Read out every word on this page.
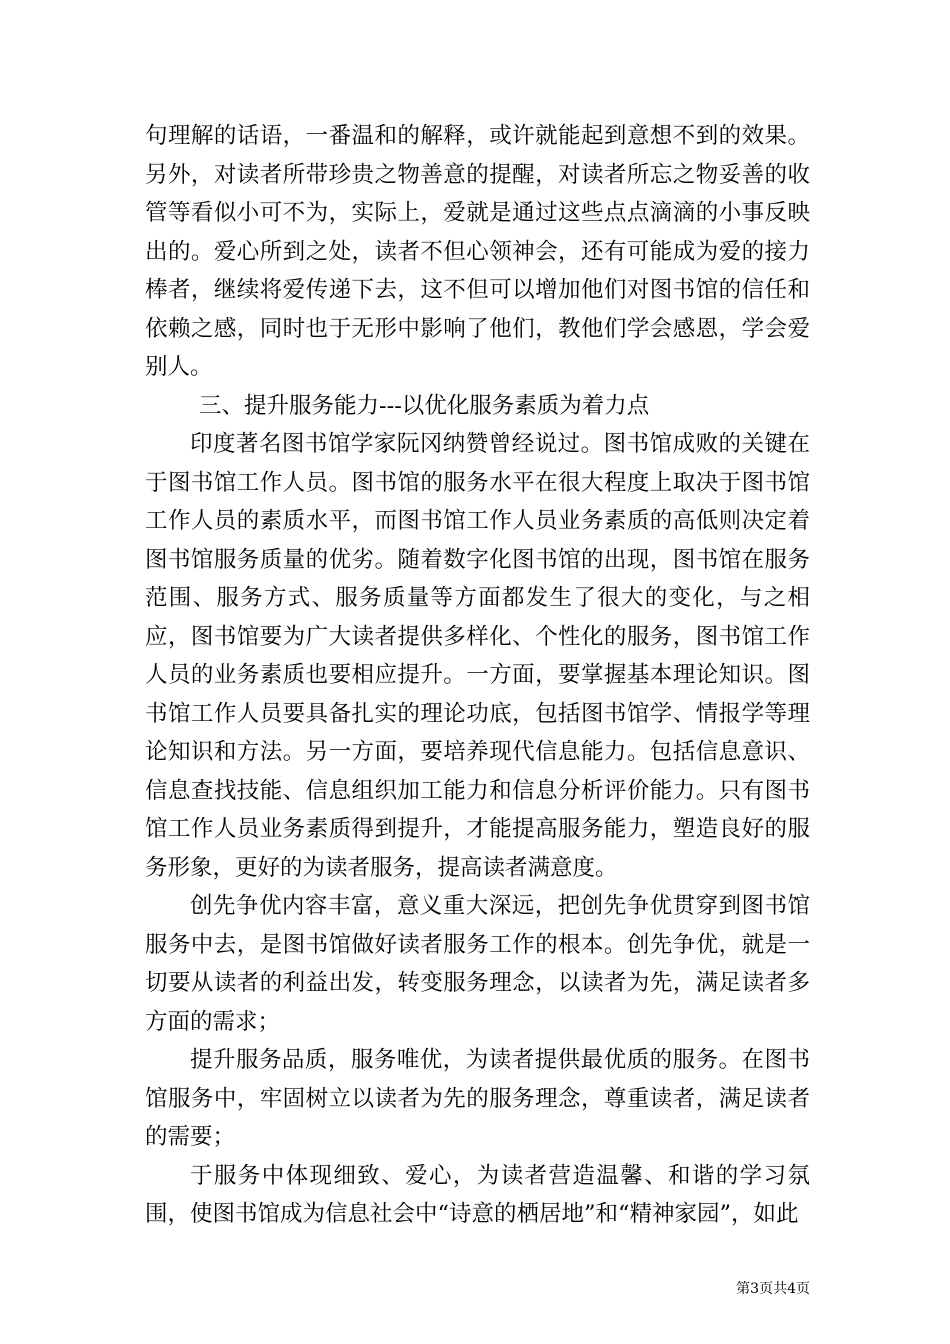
句理解的话语，一番温和的解释，或许就能起到意想不到的效果。另外，对读者所带珍贵之物善意的提醒，对读者所忘之物妥善的收管等看似小可不为，实际上，爱就是通过这些点点滴滴的小事反映出的。爱心所到之处，读者不但心领神会，还有可能成为爱的接力棒者，继续将爱传递下去，这不但可以增加他们对图书馆的信任和依赖之感，同时也于无形中影响了他们，教他们学会感恩，学会爱别人。

三、提升服务能力---以优化服务素质为着力点

印度著名图书馆学家阮冈纳赞曾经说过。图书馆成败的关键在于图书馆工作人员。图书馆的服务水平在很大程度上取决于图书馆工作人员的素质水平，而图书馆工作人员业务素质的高低则决定着图书馆服务质量的优劣。随着数字化图书馆的出现，图书馆在服务范围、服务方式、服务质量等方面都发生了很大的变化，与之相应，图书馆要为广大读者提供多样化、个性化的服务，图书馆工作人员的业务素质也要相应提升。一方面，要掌握基本理论知识。图书馆工作人员要具备扎实的理论功底，包括图书馆学、情报学等理论知识和方法。另一方面，要培养现代信息能力。包括信息意识、信息查找技能、信息组织加工能力和信息分析评价能力。只有图书馆工作人员业务素质得到提升，才能提高服务能力，塑造良好的服务形象，更好的为读者服务，提高读者满意度。

创先争优内容丰富，意义重大深远，把创先争优贯穿到图书馆服务中去，是图书馆做好读者服务工作的根本。创先争优，就是一切要从读者的利益出发，转变服务理念，以读者为先，满足读者多方面的需求；

提升服务品质，服务唯优，为读者提供最优质的服务。在图书馆服务中，牢固树立以读者为先的服务理念，尊重读者，满足读者的需要；

于服务中体现细致、爱心，为读者营造温馨、和谐的学习氛围，使图书馆成为信息社会中“诗意的栖居地”和“精神家园”，如此

第3页共4页
